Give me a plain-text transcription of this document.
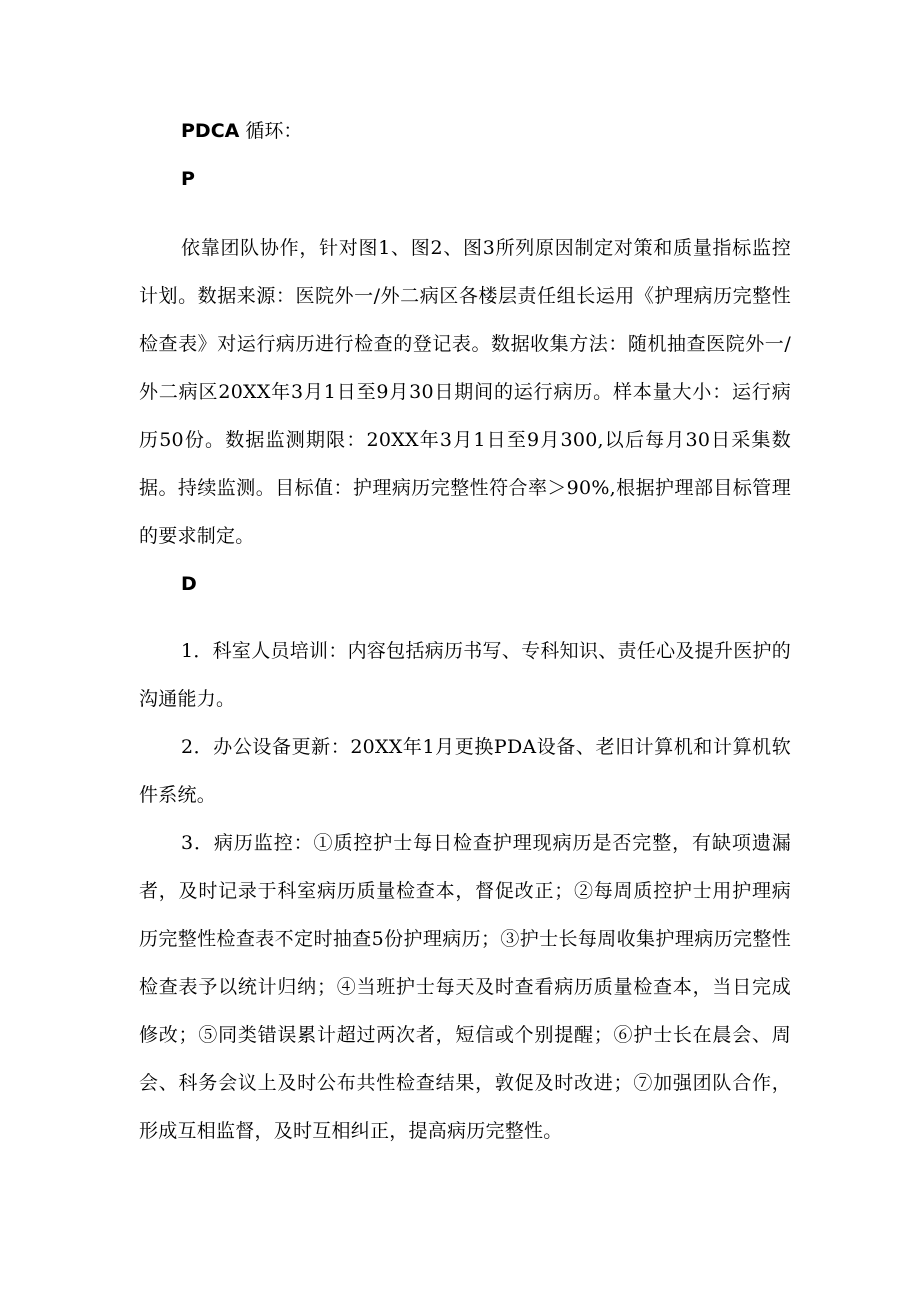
PDCA 循环：
P
依靠团队协作，针对图1、图2、图3所列原因制定对策和质量指标监控计划。数据来源：医院外一/外二病区各楼层责任组长运用《护理病历完整性检查表》对运行病历进行检查的登记表。数据收集方法：随机抽查医院外一/外二病区20XX年3月1日至9月30日期间的运行病历。样本量大小：运行病历50份。数据监测期限：20XX年3月1日至9月300,以后每月30日采集数据。持续监测。目标值：护理病历完整性符合率＞90%,根据护理部目标管理的要求制定。
D
1．科室人员培训：内容包括病历书写、专科知识、责任心及提升医护的沟通能力。
2．办公设备更新：20XX年1月更换PDA设备、老旧计算机和计算机软件系统。
3．病历监控：①质控护士每日检查护理现病历是否完整，有缺项遗漏者，及时记录于科室病历质量检查本，督促改正；②每周质控护士用护理病历完整性检查表不定时抽查5份护理病历；③护士长每周收集护理病历完整性检查表予以统计归纳；④当班护士每天及时查看病历质量检查本，当日完成修改；⑤同类错误累计超过两次者，短信或个别提醒；⑥护士长在晨会、周会、科务会议上及时公布共性检查结果，敦促及时改进；⑦加强团队合作，形成互相监督，及时互相纠正，提高病历完整性。
